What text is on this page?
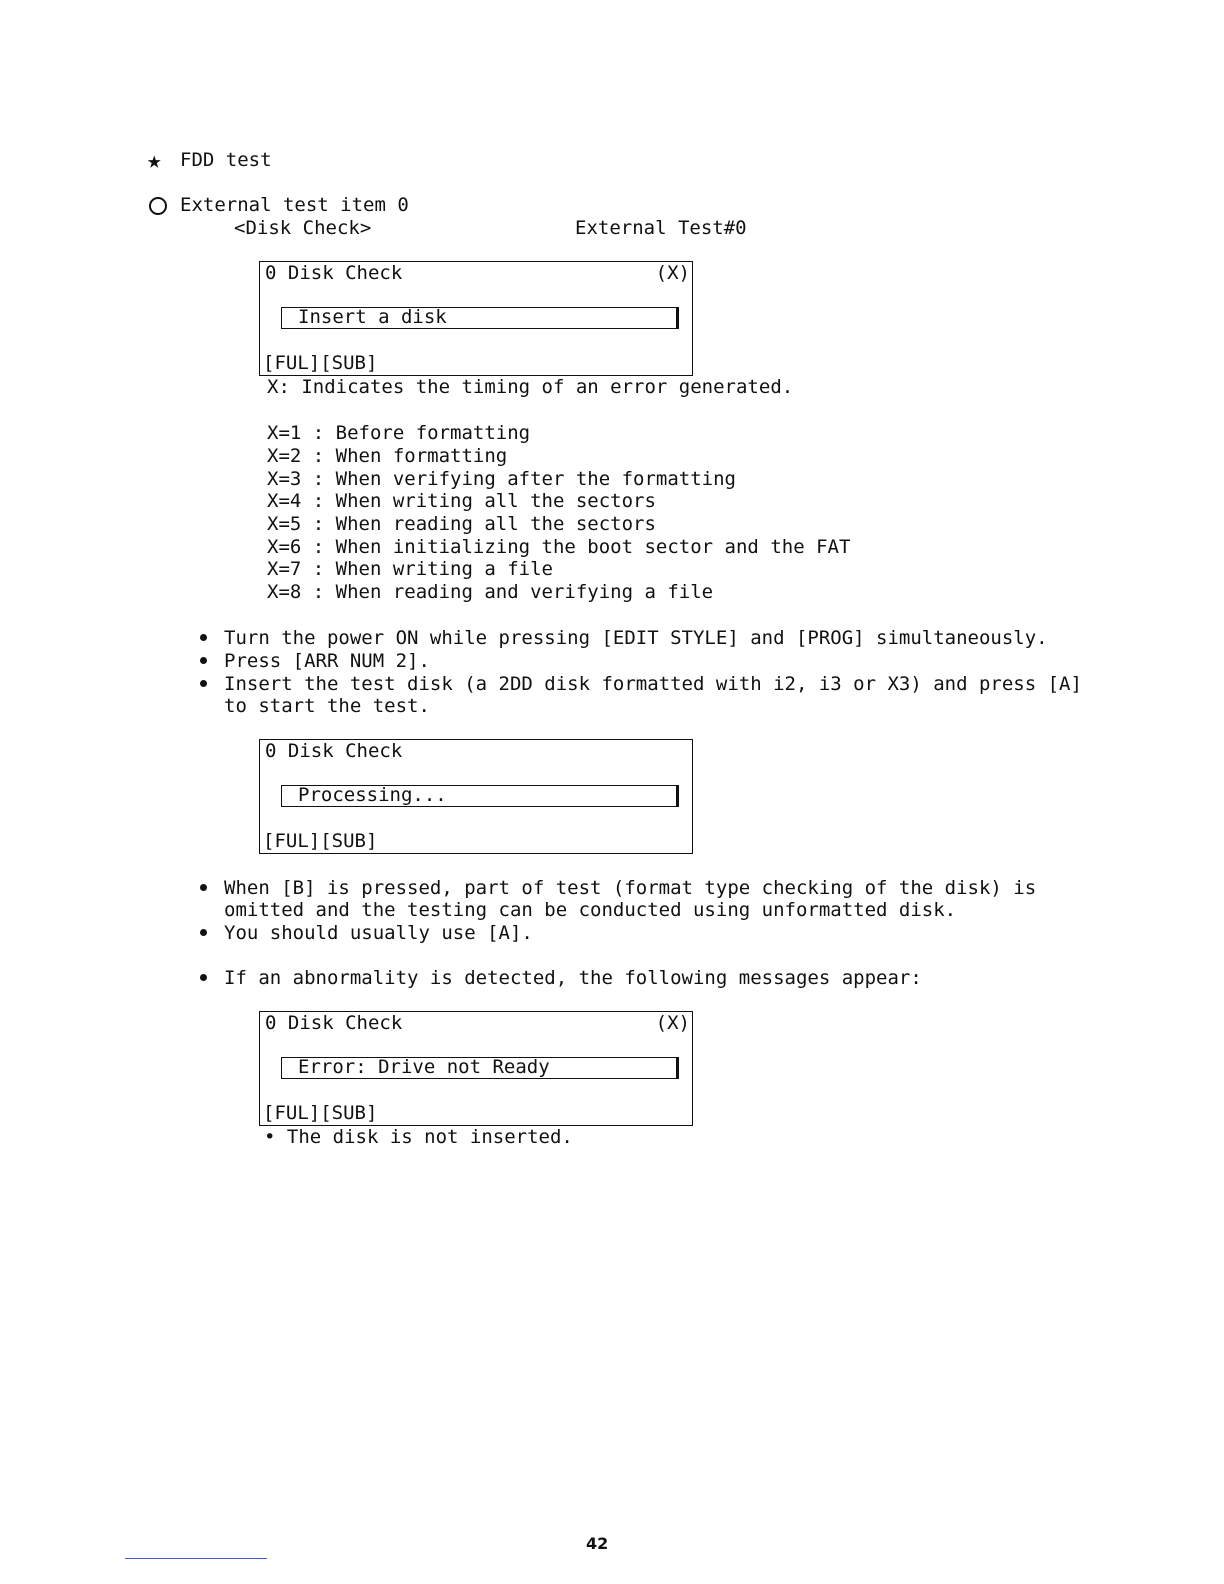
★ FDD test
External test item 0
<Disk Check>	External Test#0
0 Disk Check	(X)
Insert a disk
[FUL][SUB]
X: Indicates the timing of an error generated.
X=1 : Before formatting
X=2 : When formatting
X=3 : When verifying after the formatting
X=4 : When writing all the sectors
X=5 : When reading all the sectors
X=6 : When initializing the boot sector and the FAT
X=7 : When writing a file
X=8 : When reading and verifying a file
Turn the power ON while pressing [EDIT STYLE] and [PROG] simultaneously.
Press [ARR NUM 2].
Insert the test disk (a 2DD disk formatted with i2, i3 or X3) and press [A]
to start the test.
0 Disk Check
Processing...
[FUL][SUB]
When [B] is pressed, part of test (format type checking of the disk) is
omitted and the testing can be conducted using unformatted disk.
You should usually use [A].
If an abnormality is detected, the following messages appear:
0 Disk Check	(X)
Error: Drive not Ready
[FUL][SUB]
• The disk is not inserted.
42
